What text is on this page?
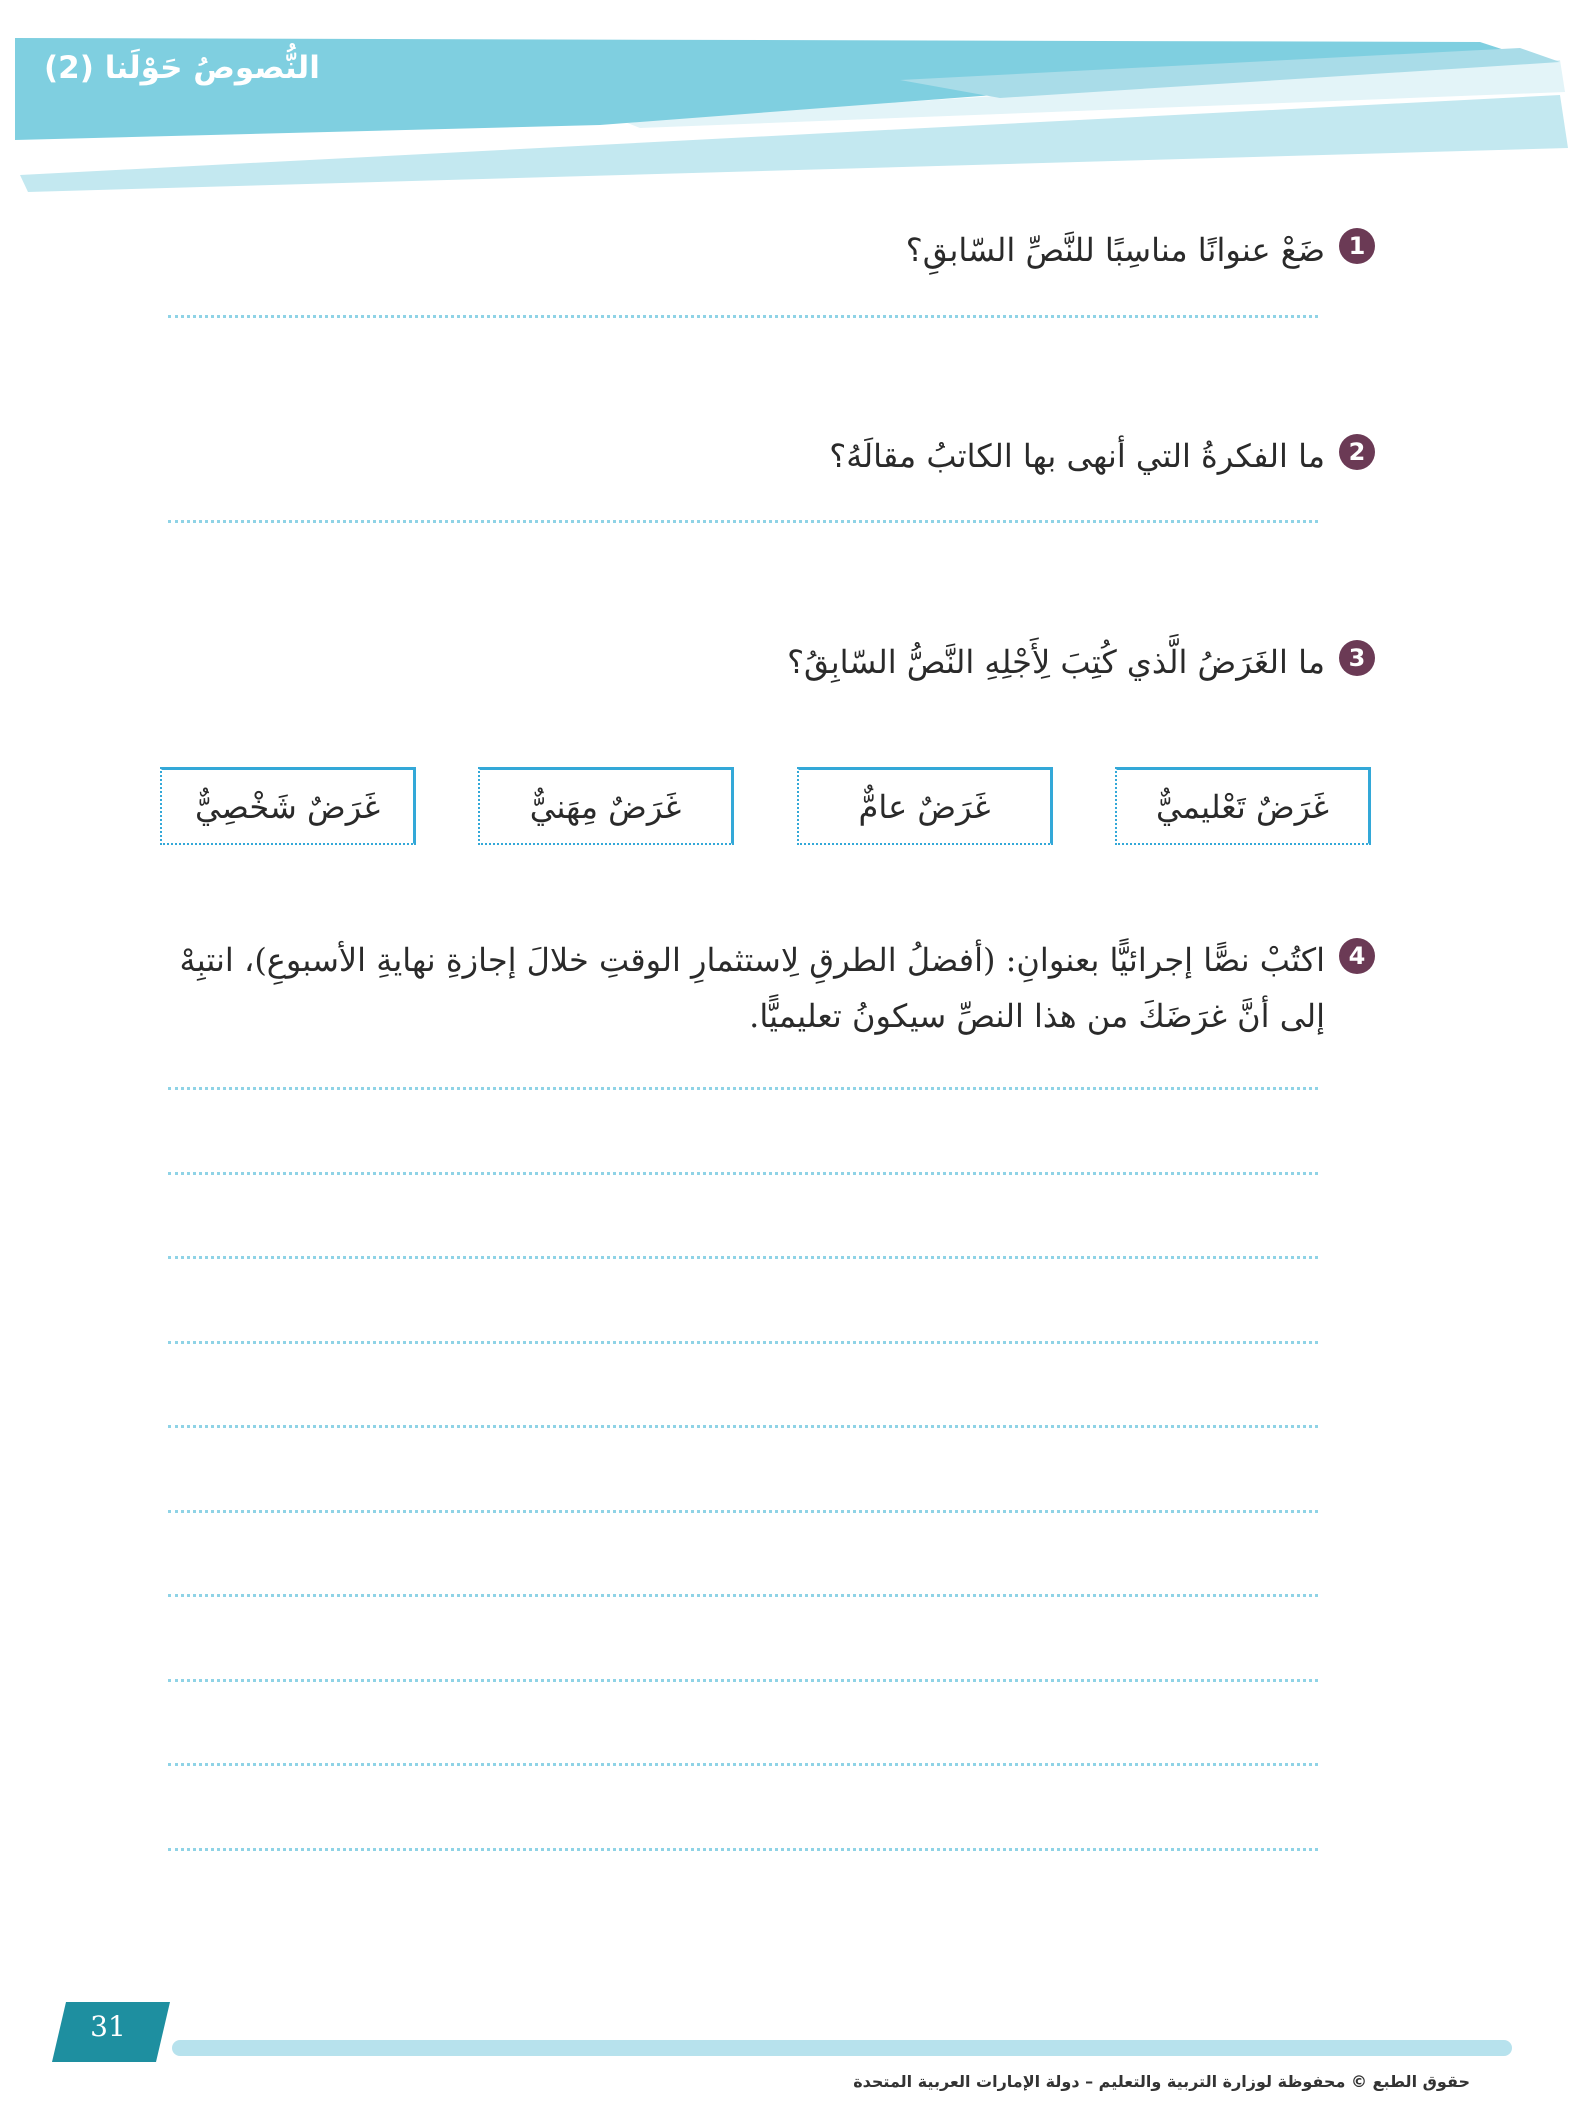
النُّصوصُ حَوْلَنا (2)
1
ضَعْ عنوانًا مناسِبًا للنَّصِّ السّابقِ؟
2
ما الفكرةُ التي أنهى بها الكاتبُ مقالَهُ؟
3
ما الغَرَضُ الَّذي كُتِبَ لِأَجْلِهِ النَّصُّ السّابِقُ؟
غَرَضٌ تَعْليميٌّ
غَرَضٌ عامٌّ
غَرَضٌ مِهَنيٌّ
غَرَضٌ شَخْصِيٌّ
4
اكتُبْ نصًّا إجرائيًّا بعنوانِ: (أفضلُ الطرقِ لِاستثمارِ الوقتِ خلالَ إجازةِ نهايةِ الأسبوعِ)، انتبِهْ إلى أنَّ غرَضَكَ من هذا النصِّ سيكونُ تعليميًّا.
31
حقوق الطبع © محفوظة لوزارة التربية والتعليم – دولة الإمارات العربية المتحدة
